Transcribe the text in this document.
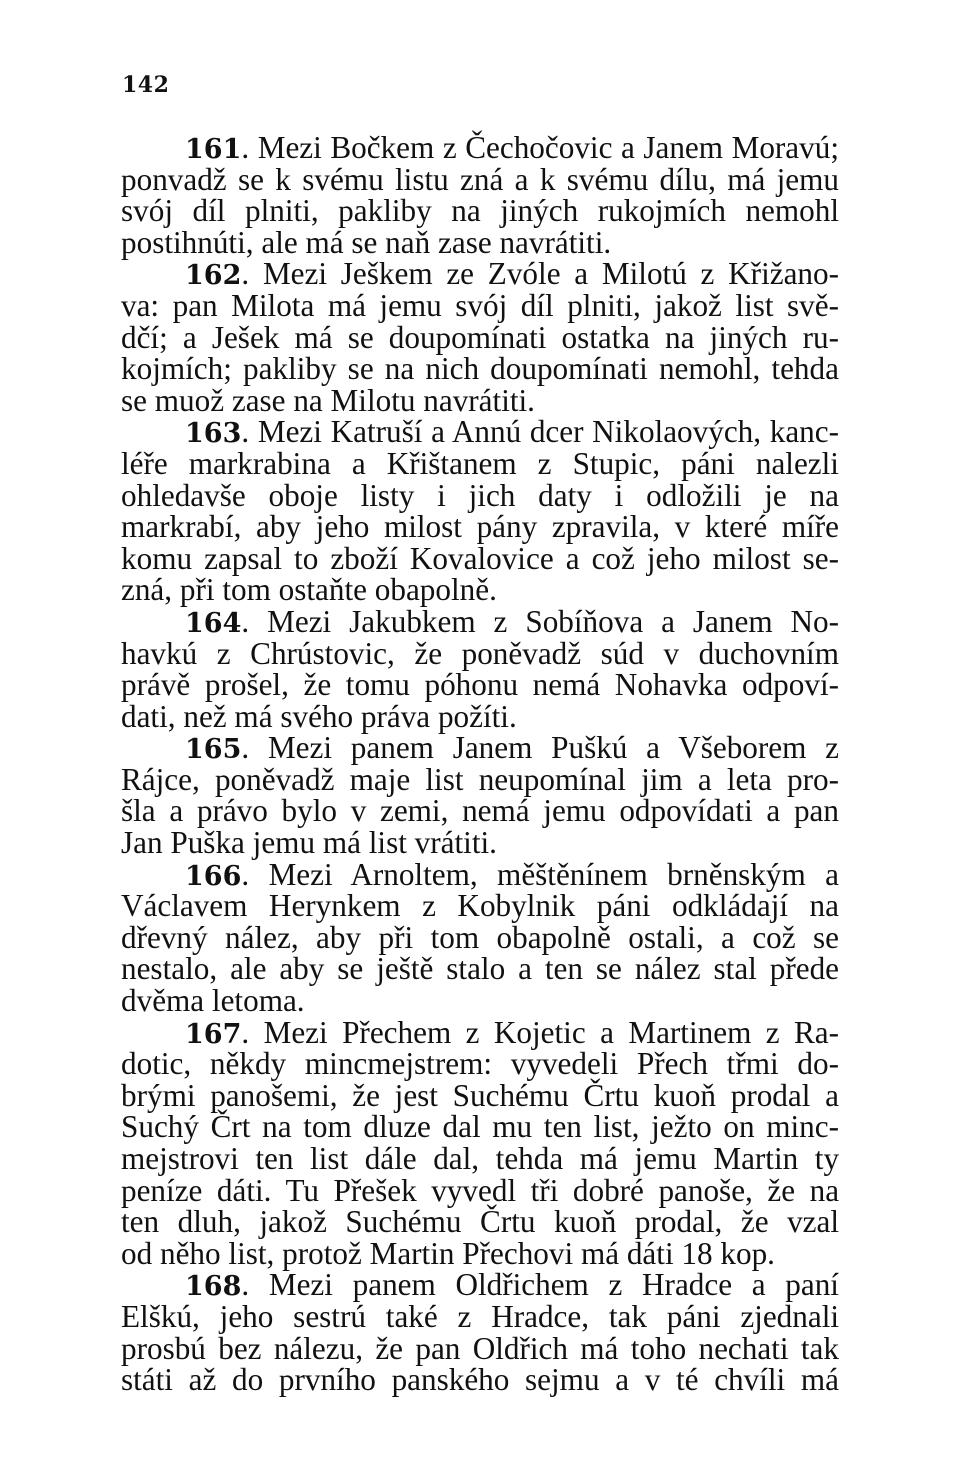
142
161. Mezi Bočkem z Čechočovic a Janem Moravú;
ponvadž se k svému listu zná a k svému dílu, má jemu
svój díl plniti, pakliby na jiných rukojmích nemohl
postihnúti, ale má se naň zase navrátiti.
162. Mezi Ješkem ze Zvóle a Milotú z Křižano-
va: pan Milota má jemu svój díl plniti, jakož list svě-
dčí; a Ješek má se doupomínati ostatka na jiných ru-
kojmích; pakliby se na nich doupomínati nemohl, tehda
se muož zase na Milotu navrátiti.
163. Mezi Katruší a Annú dcer Nikolaových, kanc-
léře markrabina a Křištanem z Stupic, páni nalezli
ohledavše oboje listy i jich daty i odložili je na
markrabí, aby jeho milost pány zpravila, v které míře
komu zapsal to zboží Kovalovice a což jeho milost se-
zná, při tom ostaňte obapolně.
164. Mezi Jakubkem z Sobíňova a Janem No-
havkú z Chrústovic, že poněvadž súd v duchovním
právě prošel, že tomu póhonu nemá Nohavka odpoví-
dati, než má svého práva požíti.
165. Mezi panem Janem Puškú a Všeborem z
Rájce, poněvadž maje list neupomínal jim a leta pro-
šla a právo bylo v zemi, nemá jemu odpovídati a pan
Jan Puška jemu má list vrátiti.
166. Mezi Arnoltem, měštěnínem brněnským a
Václavem Herynkem z Kobylnik páni odkládají na
dřevný nález, aby při tom obapolně ostali, a což se
nestalo, ale aby se ještě stalo a ten se nález stal přede
dvěma letoma.
167. Mezi Přechem z Kojetic a Martinem z Ra-
dotic, někdy mincmejstrem: vyvedeli Přech třmi do-
brými panošemi, že jest Suchému Črtu kuoň prodal a
Suchý Črt na tom dluze dal mu ten list, ježto on minc-
mejstrovi ten list dále dal, tehda má jemu Martin ty
peníze dáti. Tu Přešek vyvedl tři dobré panoše, že na
ten dluh, jakož Suchému Črtu kuoň prodal, že vzal
od něho list, protož Martin Přechovi má dáti 18 kop.
168. Mezi panem Oldřichem z Hradce a paní
Elškú, jeho sestrú také z Hradce, tak páni zjednali
prosbú bez nálezu, že pan Oldřich má toho nechati tak
státi až do prvního panského sejmu a v té chvíli má
